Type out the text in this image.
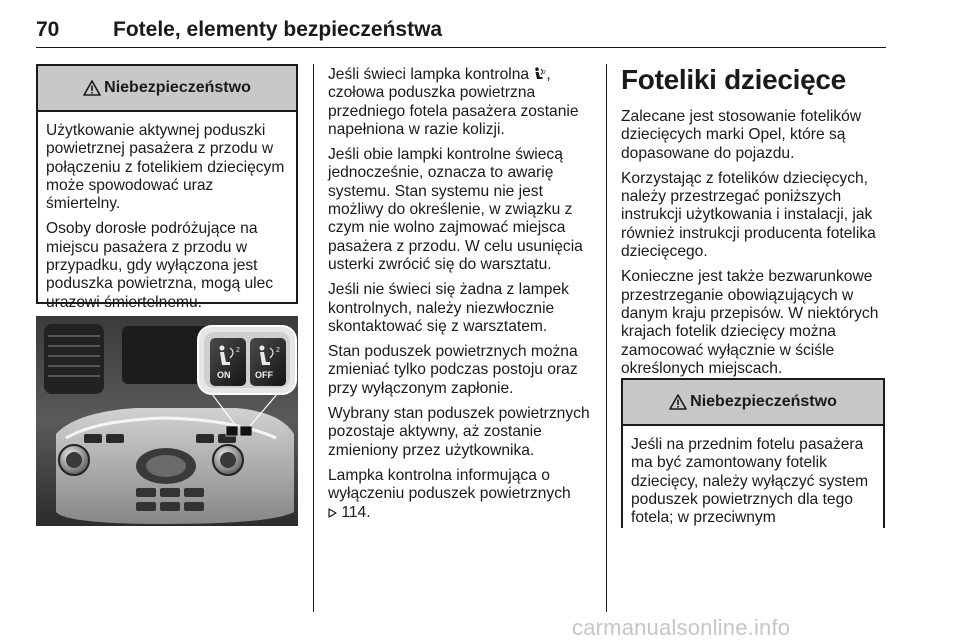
70	Fotele, elementy bezpieczeństwa
Niebezpieczeństwo

Użytkowanie aktywnej poduszki powietrznej pasażera z przodu w połączeniu z fotelikiem dziecięcym może spowodować uraz śmiertelny.

Osoby dorosłe podróżujące na miejscu pasażera z przodu w przypadku, gdy wyłączona jest poduszka powietrzna, mogą ulec urazowi śmiertelnemu.

2	2
ON	OFF

Jeśli świeci lampka kontrolna	2 , czołowa poduszka powietrzna przedniego fotela pasażera zostanie napełniona w razie kolizji.

Jeśli obie lampki kontrolne świecą jednocześnie, oznacza to awarię systemu. Stan systemu nie jest możliwy do określenie, w związku z czym nie wolno zajmować miejsca pasażera z przodu. W celu usunięcia usterki zwrócić się do warsztatu.

Jeśli nie świeci się żadna z lampek kontrolnych, należy niezwłocznie skontaktować się z warsztatem.

Stan poduszek powietrznych można zmieniać tylko podczas postoju oraz przy wyłączonym zapłonie.

Wybrany stan poduszek powietrznych pozostaje aktywny, aż zostanie zmieniony przez użytkownika.

Lampka kontrolna informująca o wyłączeniu poduszek powietrznych
114.

Foteliki dziecięce

Zalecane jest stosowanie fotelików dziecięcych marki Opel, które są dopasowane do pojazdu.

Korzystając z fotelików dziecięcych, należy przestrzegać poniższych instrukcji użytkowania i instalacji, jak również instrukcji producenta fotelika dziecięcego.

Konieczne jest także bezwarunkowe przestrzeganie obowiązujących w danym kraju przepisów. W niektórych krajach fotelik dziecięcy można zamocować wyłącznie w ściśle określonych miejscach.

Niebezpieczeństwo

Jeśli na przednim fotelu pasażera ma być zamontowany fotelik dziecięcy, należy wyłączyć system poduszek powietrznych dla tego fotela; w przeciwnym

carmanualsonline.info
